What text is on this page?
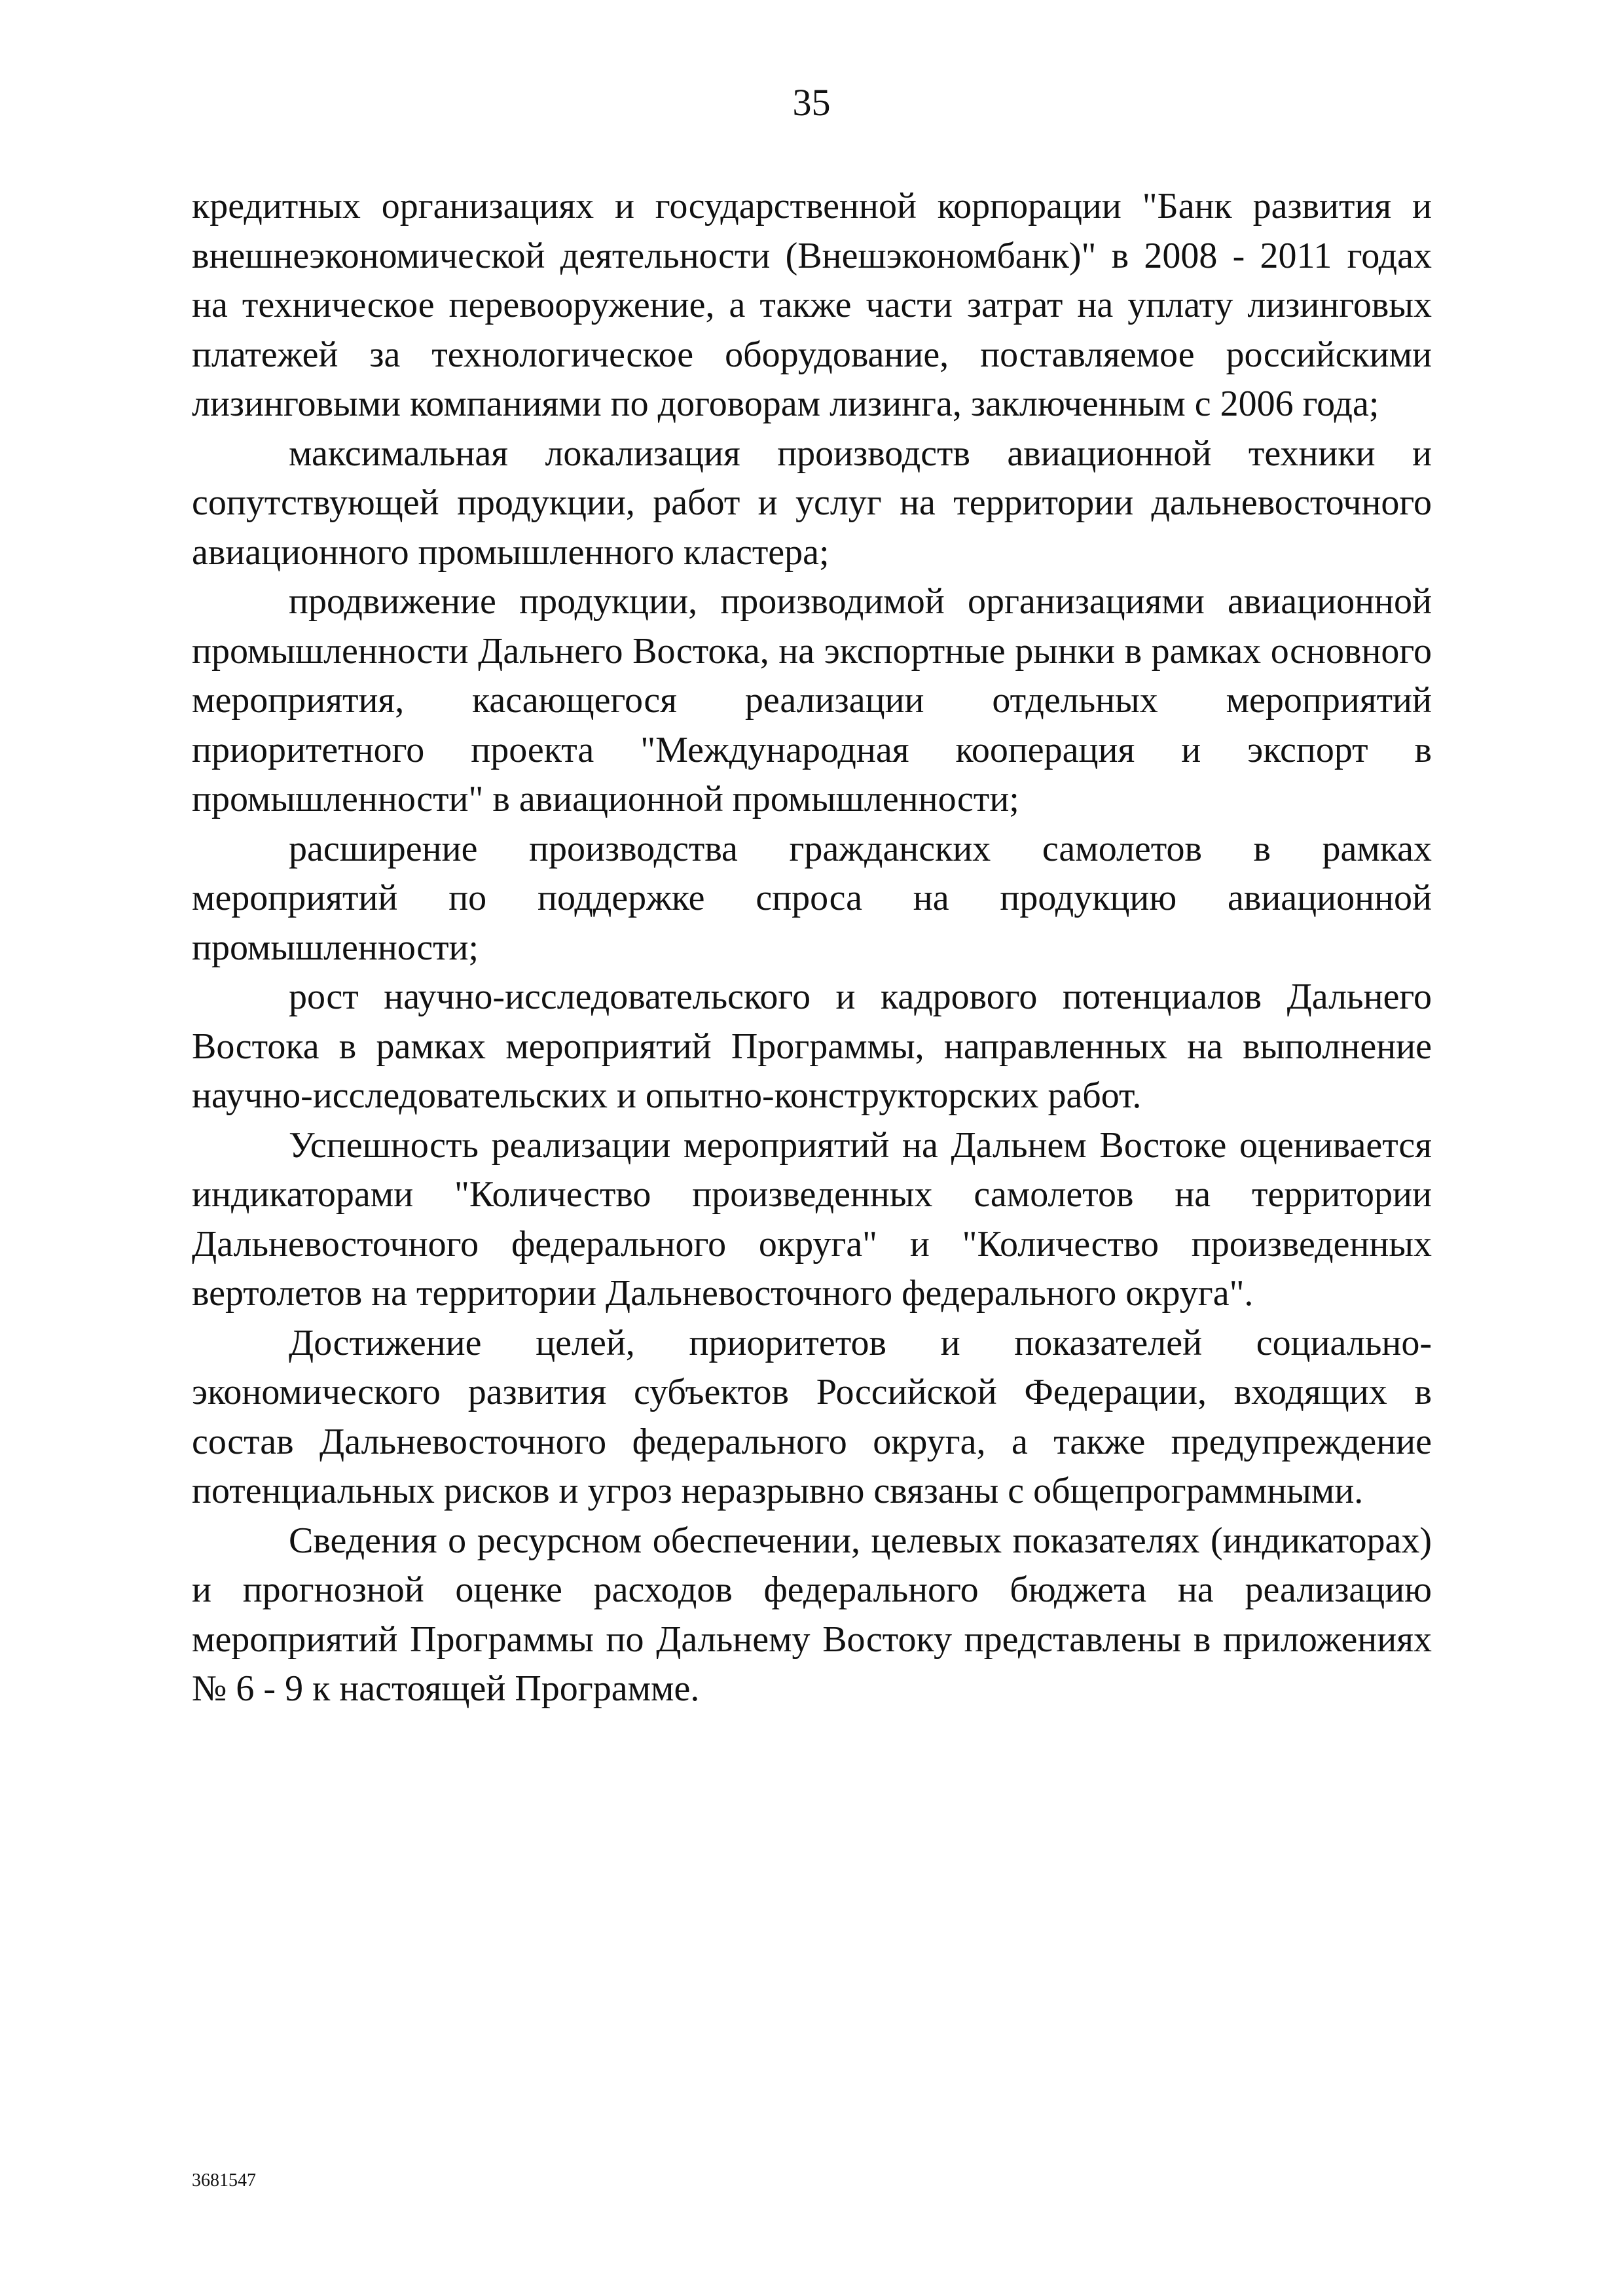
35

кредитных организациях и государственной корпорации "Банк развития и внешнеэкономической деятельности (Внешэкономбанк)" в 2008 - 2011 годах на техническое перевооружение, а также части затрат на уплату лизинговых платежей за технологическое оборудование, поставляемое российскими лизинговыми компаниями по договорам лизинга, заключенным с 2006 года;

максимальная локализация производств авиационной техники и сопутствующей продукции, работ и услуг на территории дальневосточного авиационного промышленного кластера;

продвижение продукции, производимой организациями авиационной промышленности Дальнего Востока, на экспортные рынки в рамках основного мероприятия, касающегося реализации отдельных мероприятий приоритетного проекта "Международная кооперация и экспорт в промышленности" в авиационной промышленности;

расширение производства гражданских самолетов в рамках мероприятий по поддержке спроса на продукцию авиационной промышленности;

рост научно-исследовательского и кадрового потенциалов Дальнего Востока в рамках мероприятий Программы, направленных на выполнение научно-исследовательских и опытно-конструкторских работ.

Успешность реализации мероприятий на Дальнем Востоке оценивается индикаторами "Количество произведенных самолетов на территории Дальневосточного федерального округа" и "Количество произведенных вертолетов на территории Дальневосточного федерального округа".

Достижение целей, приоритетов и показателей социально-экономического развития субъектов Российской Федерации, входящих в состав Дальневосточного федерального округа, а также предупреждение потенциальных рисков и угроз неразрывно связаны с общепрограммными.

Сведения о ресурсном обеспечении, целевых показателях (индикаторах) и прогнозной оценке расходов федерального бюджета на реализацию мероприятий Программы по Дальнему Востоку представлены в приложениях № 6 - 9 к настоящей Программе.

3681547
